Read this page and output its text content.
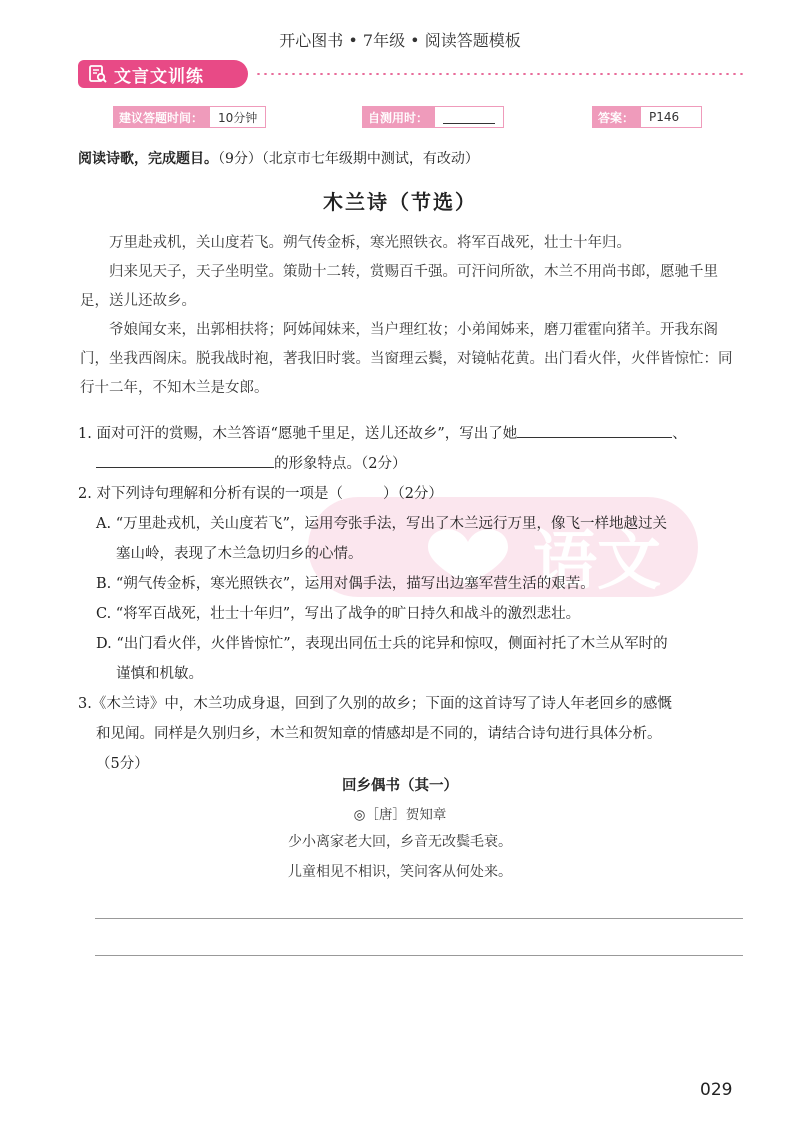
开心图书 • 7年级 • 阅读答题模板
文言文训练
建议答题时间：	10分钟	自测用时：	答案：	P146
阅读诗歌，完成题目。（9分）（北京市七年级期中测试，有改动）
木兰诗（节选）
语文

万里赴戎机，关山度若飞。朔气传金柝，寒光照铁衣。将军百战死，壮士十年归。

归来见天子，天子坐明堂。策勋十二转，赏赐百千强。可汗问所欲，木兰不用尚书郎，愿驰千里足，送儿还故乡。

爷娘闻女来，出郭相扶将；阿姊闻妹来，当户理红妆；小弟闻姊来，磨刀霍霍向猪羊。开我东阁门，坐我西阁床。脱我战时袍，著我旧时裳。当窗理云鬓，对镜帖花黄。出门看火伴，火伴皆惊忙：同行十二年，不知木兰是女郎。

1. 面对可汗的赏赐，木兰答语“愿驰千里足，送儿还故乡”，写出了她	、
的形象特点。（2分）
2. 对下列诗句理解和分析有误的一项是（	）（2分）
A. “万里赴戎机，关山度若飞”，运用夸张手法，写出了木兰远行万里，像飞一样地越过关
塞山岭，表现了木兰急切归乡的心情。
B. “朔气传金柝，寒光照铁衣”，运用对偶手法，描写出边塞军营生活的艰苦。
C. “将军百战死，壮士十年归”，写出了战争的旷日持久和战斗的激烈悲壮。
D. “出门看火伴，火伴皆惊忙”，表现出同伍士兵的诧异和惊叹，侧面衬托了木兰从军时的
谨慎和机敏。
3.《木兰诗》中，木兰功成身退，回到了久别的故乡；下面的这首诗写了诗人年老回乡的感慨
和见闻。同样是久别归乡，木兰和贺知章的情感却是不同的，请结合诗句进行具体分析。
（5分）
回乡偶书（其一）
◎［唐］贺知章
少小离家老大回，乡音无改鬓毛衰。
儿童相见不相识，笑问客从何处来。
029
